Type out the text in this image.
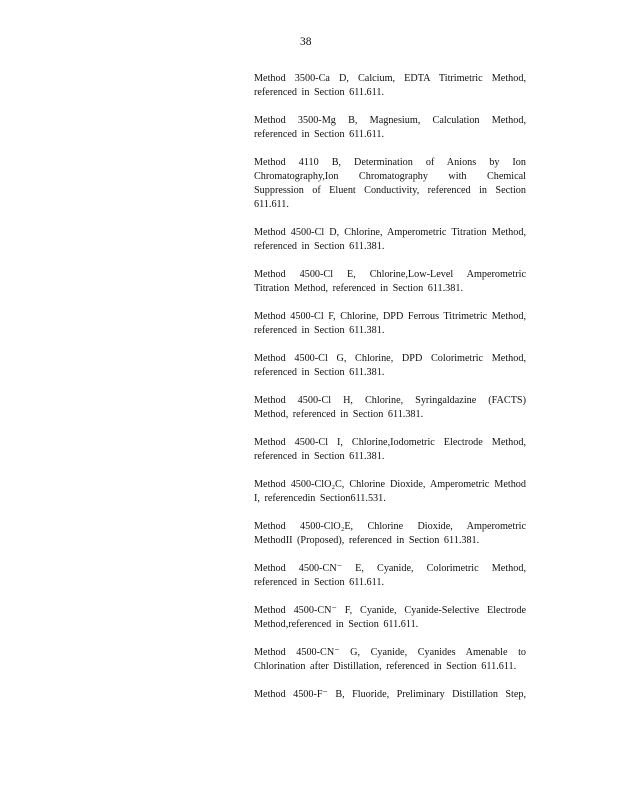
38

Method 3500-Ca D, Calcium, EDTA Titrimetric Method, referenced in Section 611.611.

Method 3500-Mg B, Magnesium, Calculation Method, referenced in Section 611.611.

Method 4110 B, Determination of Anions by Ion Chromatography,Ion Chromatography with Chemical Suppression of Eluent Conductivity, referenced in Section 611.611.

Method 4500-Cl D, Chlorine, Amperometric Titration Method, referenced in Section 611.381.

Method 4500-Cl E, Chlorine,Low-Level Amperometric Titration Method, referenced in Section 611.381.

Method 4500-Cl F, Chlorine, DPD Ferrous Titrimetric Method, referenced in Section 611.381.

Method 4500-Cl G, Chlorine, DPD Colorimetric Method, referenced in Section 611.381.

Method 4500-Cl H, Chlorine, Syringaldazine (FACTS) Method, referenced in Section 611.381.

Method 4500-Cl I, Chlorine,Iodometric Electrode Method, referenced in Section 611.381.

Method 4500-ClO₂C, Chlorine Dioxide, Amperometric Method I, referencedin Section611.531.

Method 4500-ClO₂E, Chlorine Dioxide, Amperometric MethodII (Proposed), referenced in Section 611.381.

Method 4500-CN⁻ E, Cyanide, Colorimetric Method, referenced in Section 611.611.

Method 4500-CN⁻ F, Cyanide, Cyanide-Selective Electrode Method,referenced in Section 611.611.

Method 4500-CN⁻ G, Cyanide, Cyanides Amenable to Chlorination after Distillation, referenced in Section 611.611.

Method 4500-F⁻ B, Fluoride, Preliminary Distillation Step,
